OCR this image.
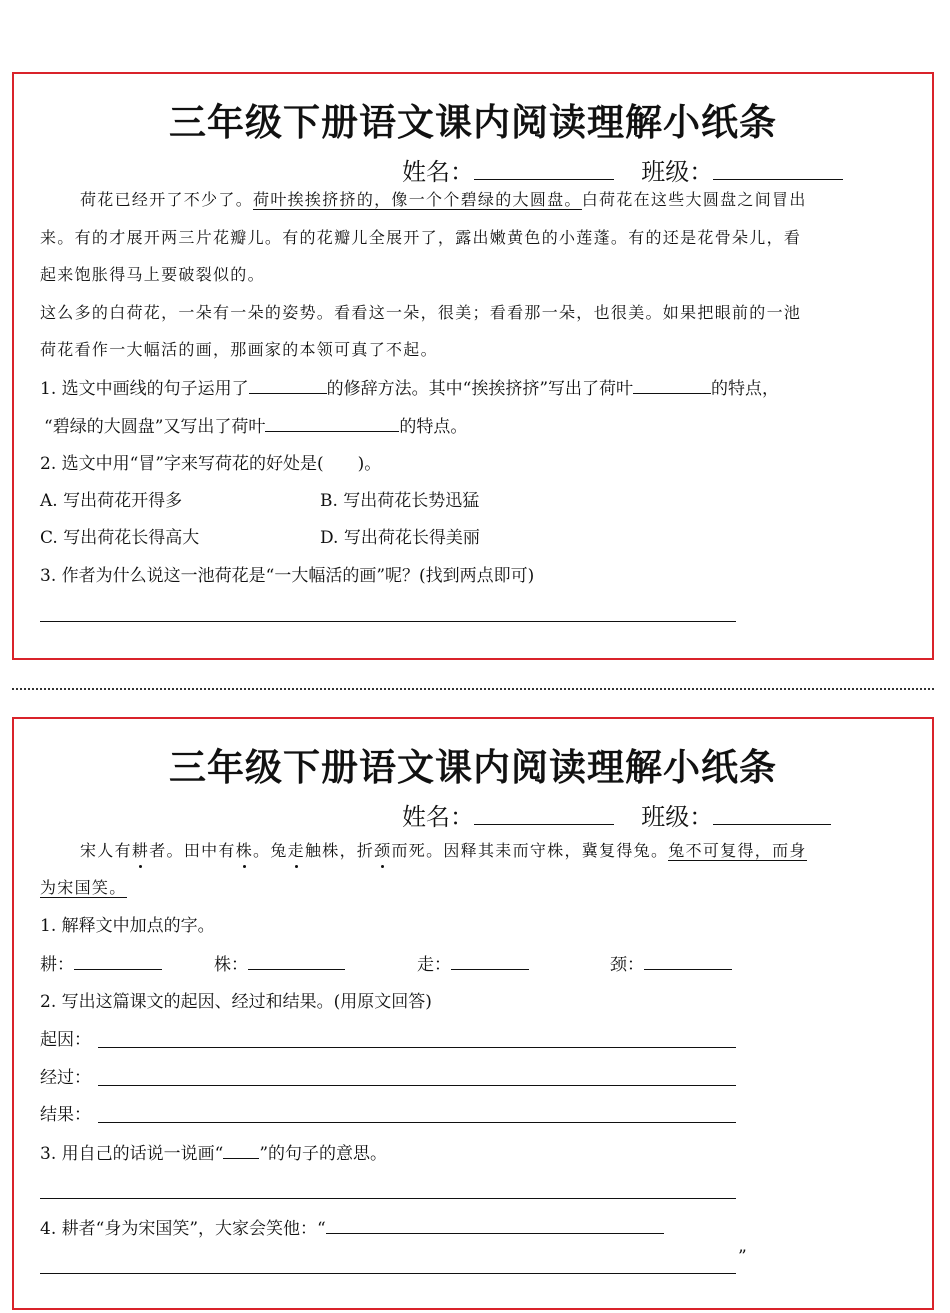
三年级下册语文课内阅读理解小纸条
姓名：	班级：
荷花已经开了不少了。荷叶挨挨挤挤的，像一个个碧绿的大圆盘。白荷花在这些大圆盘之间冒出
来。有的才展开两三片花瓣儿。有的花瓣儿全展开了，露出嫩黄色的小莲蓬。有的还是花骨朵儿，看
起来饱胀得马上要破裂似的。
这么多的白荷花，一朵有一朵的姿势。看看这一朵，很美；看看那一朵，也很美。如果把眼前的一池
荷花看作一大幅活的画，那画家的本领可真了不起。
1. 选文中画线的句子运用了	的修辞方法。其中“挨挨挤挤”写出了荷叶	的特点，
“碧绿的大圆盘”又写出了荷叶	的特点。
2. 选文中用“冒”字来写荷花的好处是(　　)。
A. 写出荷花开得多	B. 写出荷花长势迅猛
C. 写出荷花长得高大	D. 写出荷花长得美丽
3. 作者为什么说这一池荷花是“一大幅活的画”呢？(找到两点即可)
三年级下册语文课内阅读理解小纸条
姓名：	班级：
宋人有耕者。田中有株。兔走触株，折颈而死。因释其耒而守株，冀复得兔。兔不可复得，而身
为宋国笑。
1. 解释文中加点的字。
耕：	株：	走：	颈：
2. 写出这篇课文的起因、经过和结果。(用原文回答)
起因：
经过：
结果：
3. 用自己的话说一说画“ ”的句子的意思。
4. 耕者“身为宋国笑”，大家会笑他：“
”
